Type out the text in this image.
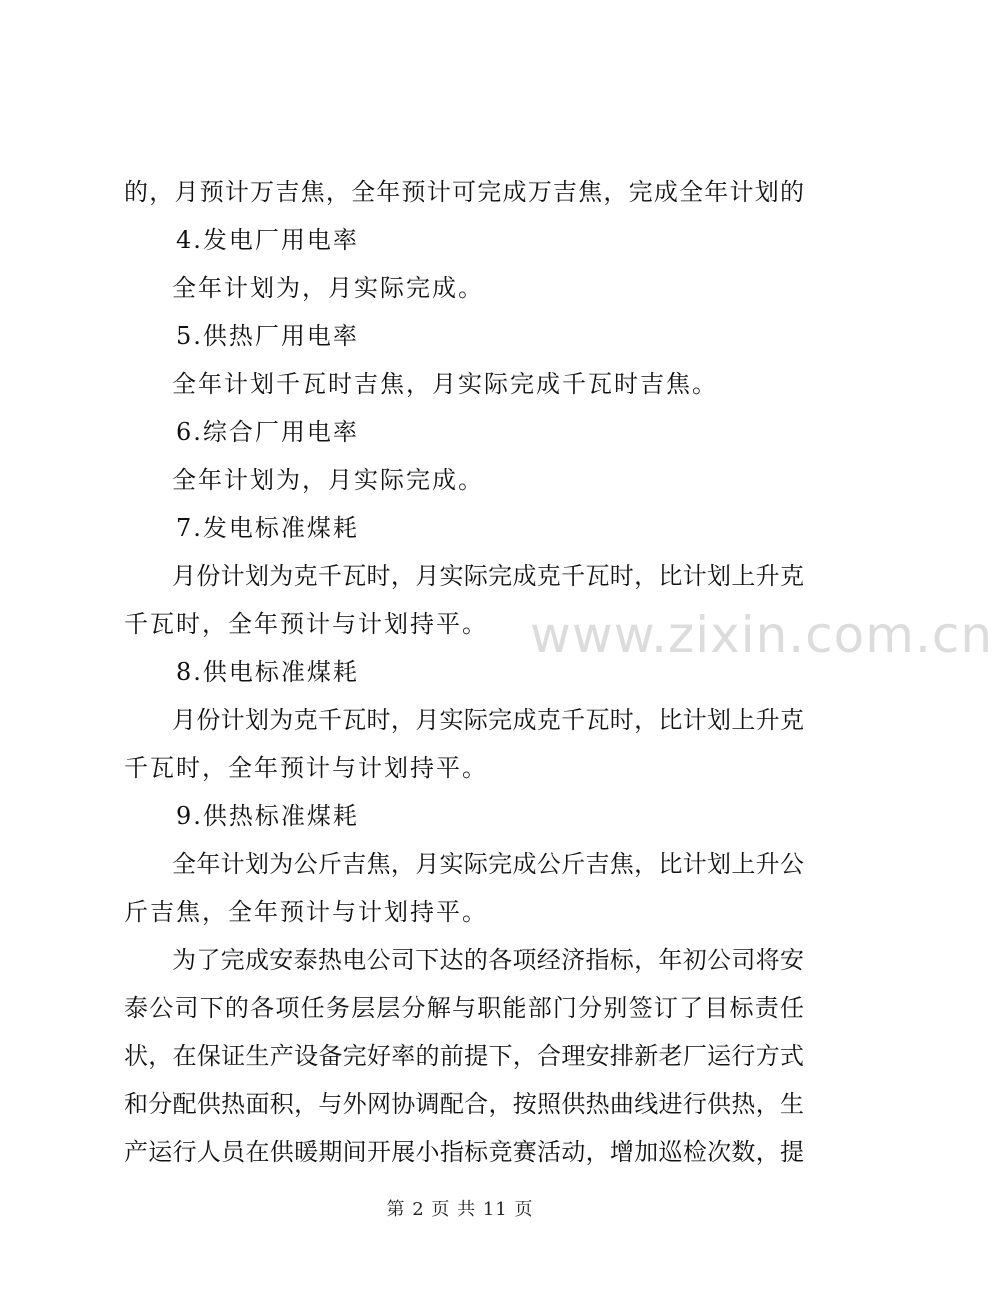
的，月预计万吉焦，全年预计可完成万吉焦，完成全年计划的
4.发电厂用电率
全年计划为，月实际完成。
5.供热厂用电率
全年计划千瓦时吉焦，月实际完成千瓦时吉焦。
6.综合厂用电率
全年计划为，月实际完成。
7.发电标准煤耗
月份计划为克千瓦时，月实际完成克千瓦时，比计划上升克
千瓦时，全年预计与计划持平。
8.供电标准煤耗
月份计划为克千瓦时，月实际完成克千瓦时，比计划上升克
千瓦时，全年预计与计划持平。
9.供热标准煤耗
全年计划为公斤吉焦，月实际完成公斤吉焦，比计划上升公
斤吉焦，全年预计与计划持平。
为了完成安泰热电公司下达的各项经济指标，年初公司将安
泰公司下的各项任务层层分解与职能部门分别签订了目标责任
状，在保证生产设备完好率的前提下，合理安排新老厂运行方式
和分配供热面积，与外网协调配合，按照供热曲线进行供热，生
产运行人员在供暖期间开展小指标竞赛活动，增加巡检次数，提
www.zixin.com.cn
第 2 页 共 11 页
